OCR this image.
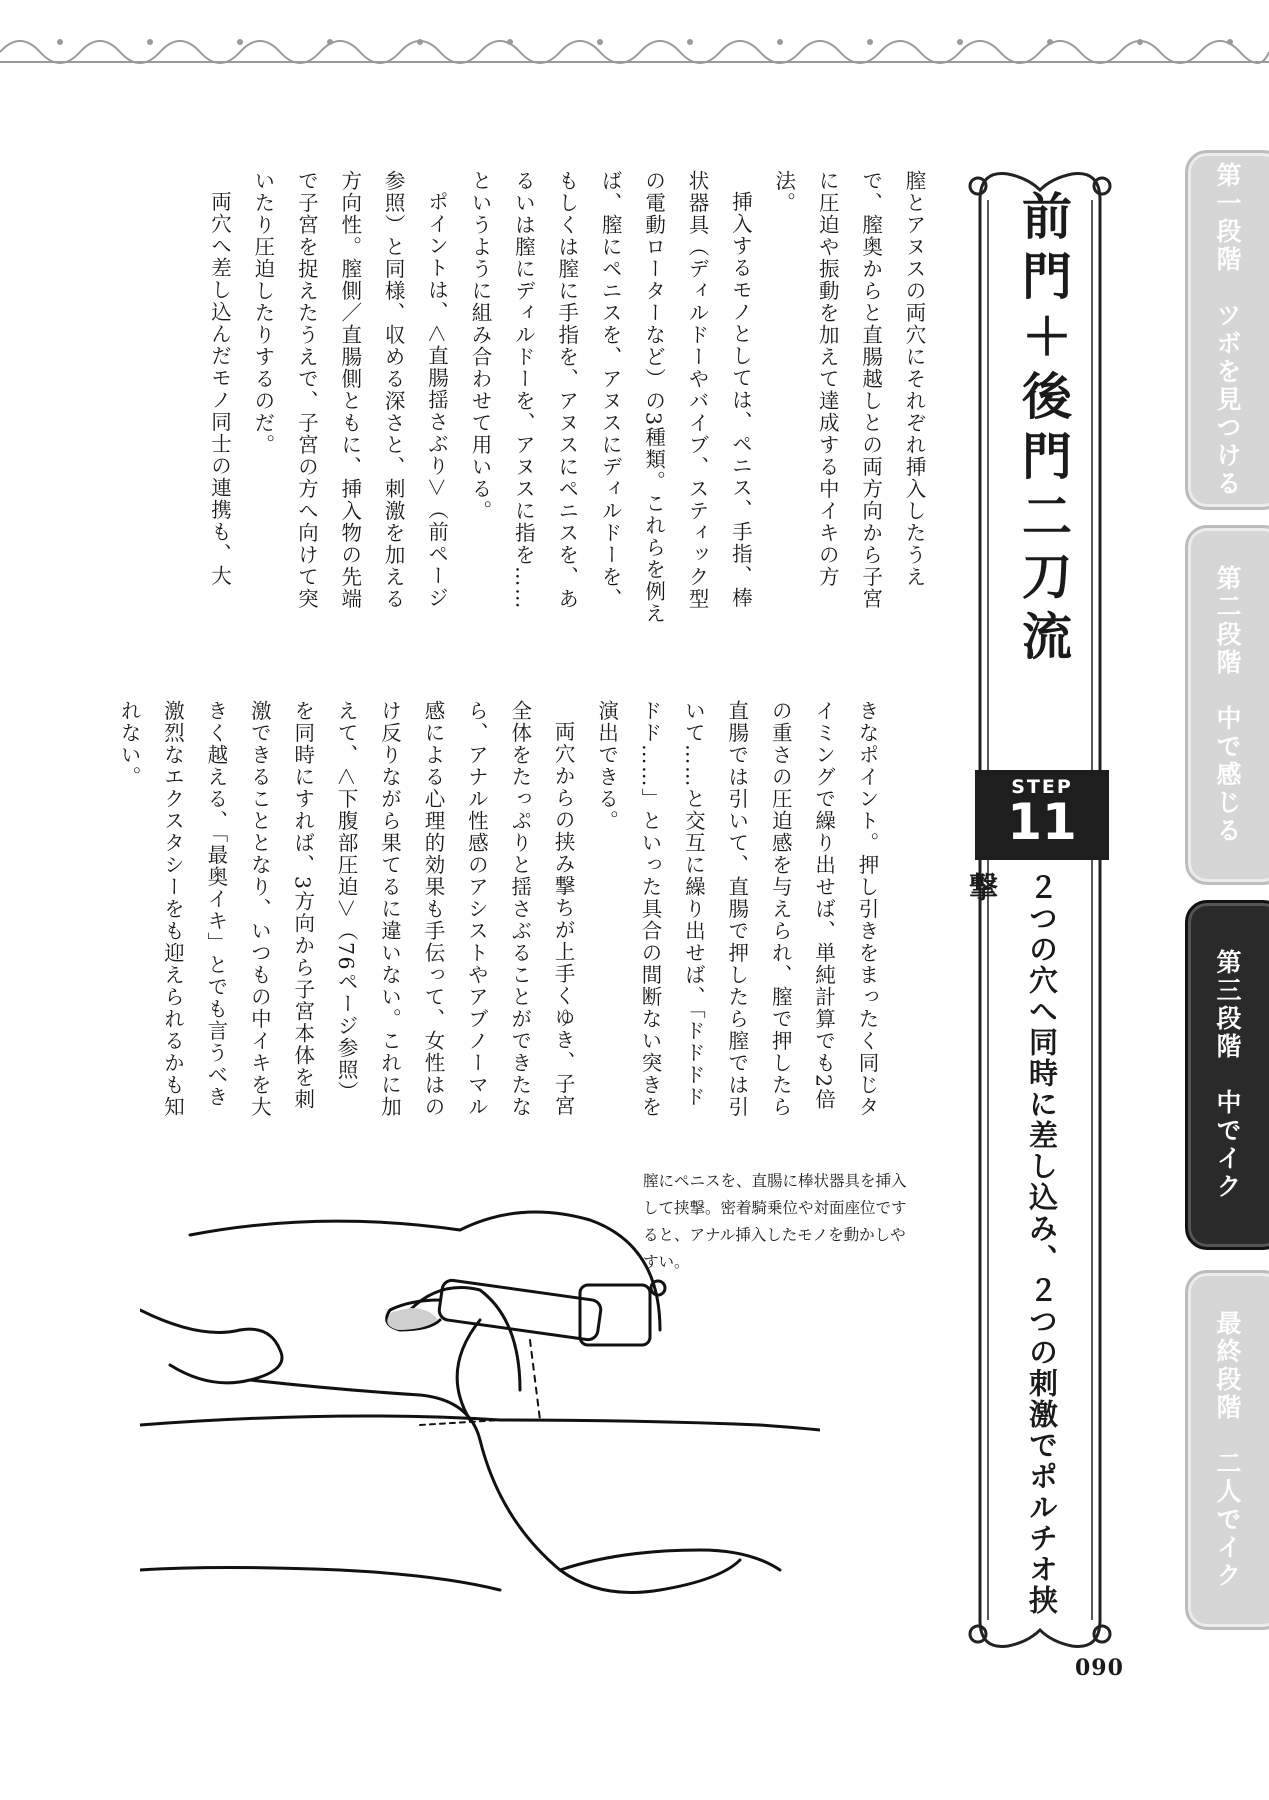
第一段階　ツボを見つける
第二段階　中で感じる
第三段階　中でイク
最終段階　二人でイク
前門＋後門二刀流
STEP
11
２つの穴へ同時に差し込み、２つの刺激でポルチオ挟撃

膣とアヌスの両穴にそれぞれ挿入したうえで、膣奥からと直腸越しとの両方向から子宮に圧迫や振動を加えて達成する中イキの方法。

挿入するモノとしては、ペニス、手指、棒状器具（ディルドーやバイブ、スティック型の電動ローターなど）の3種類。これらを例えば、膣にペニスを、アヌスにディルドーを、もしくは膣に手指を、アヌスにペニスを、あるいは膣にディルドーを、アヌスに指を……というように組み合わせて用いる。

ポイントは、＜直腸揺さぶり＞（前ページ参照）と同様、収める深さと、刺激を加える方向性。膣側／直腸側ともに、挿入物の先端で子宮を捉えたうえで、子宮の方へ向けて突いたり圧迫したりするのだ。

両穴へ差し込んだモノ同士の連携も、大

きなポイント。押し引きをまったく同じタイミングで繰り出せば、単純計算でも2倍の重さの圧迫感を与えられ、膣で押したら直腸では引いて、直腸で押したら膣では引いて……と交互に繰り出せば、「ドドドドドド……」といった具合の間断ない突きを演出できる。

両穴からの挟み撃ちが上手くゆき、子宮全体をたっぷりと揺さぶることができたなら、アナル性感のアシストやアブノーマル感による心理的効果も手伝って、女性はのけ反りながら果てるに違いない。これに加えて、＜下腹部圧迫＞（76ページ参照）を同時にすれば、3方向から子宮本体を刺激できることとなり、いつもの中イキを大きく越える、「最奥イキ」とでも言うべき激烈なエクスタシーをも迎えられるかも知れない。

膣にペニスを、直腸に棒状器具を挿入して挟撃。密着騎乗位や対面座位ですると、アナル挿入したモノを動かしやすい。
090
